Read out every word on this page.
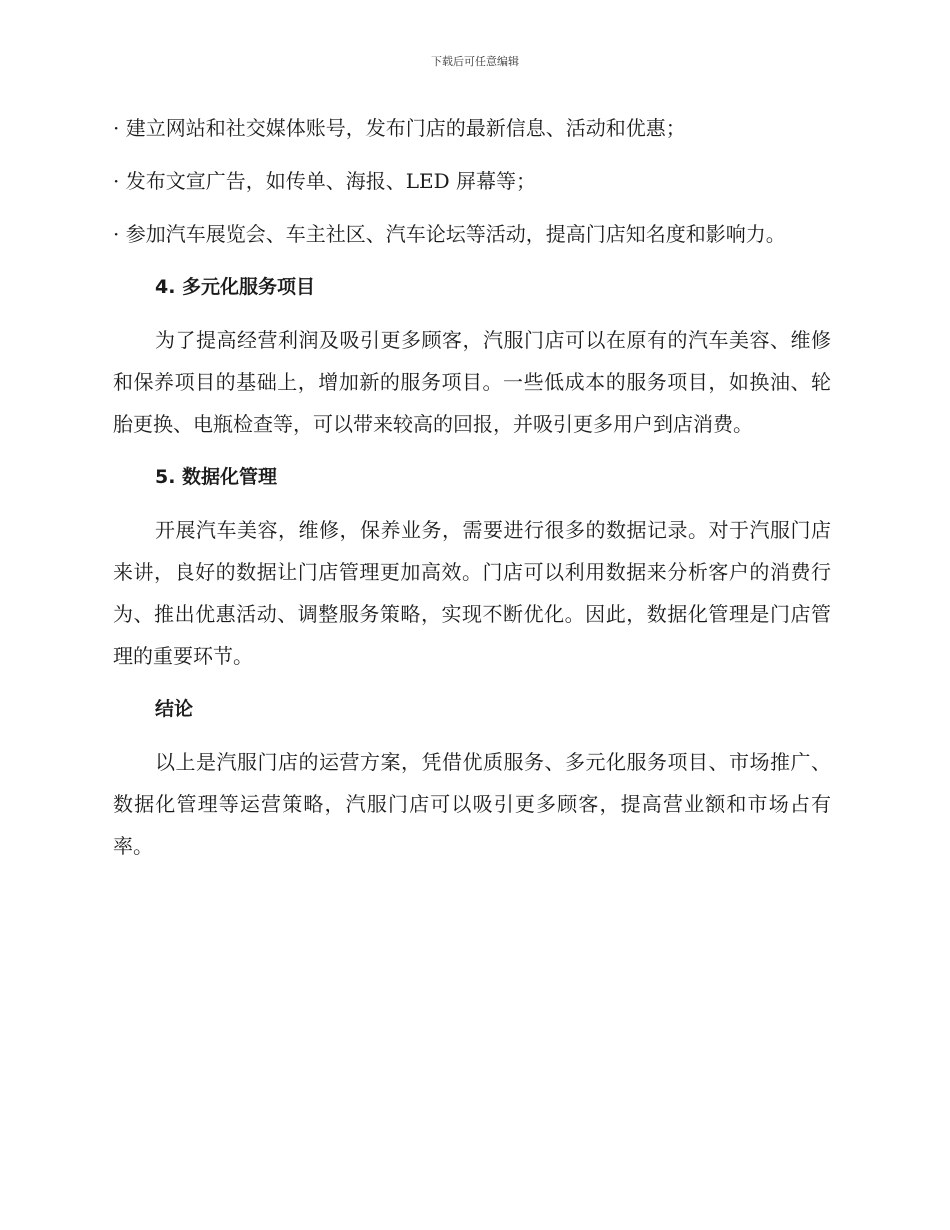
下载后可任意编辑

· 建立网站和社交媒体账号，发布门店的最新信息、活动和优惠；

· 发布文宣广告，如传单、海报、LED 屏幕等；

· 参加汽车展览会、车主社区、汽车论坛等活动，提高门店知名度和影响力。

4. 多元化服务项目

为了提高经营利润及吸引更多顾客，汽服门店可以在原有的汽车美容、维修和保养项目的基础上，增加新的服务项目。一些低成本的服务项目，如换油、轮胎更换、电瓶检查等，可以带来较高的回报，并吸引更多用户到店消费。

5. 数据化管理

开展汽车美容，维修，保养业务，需要进行很多的数据记录。对于汽服门店来讲，良好的数据让门店管理更加高效。门店可以利用数据来分析客户的消费行为、推出优惠活动、调整服务策略，实现不断优化。因此，数据化管理是门店管理的重要环节。

结论

以上是汽服门店的运营方案，凭借优质服务、多元化服务项目、市场推广、数据化管理等运营策略，汽服门店可以吸引更多顾客，提高营业额和市场占有率。
